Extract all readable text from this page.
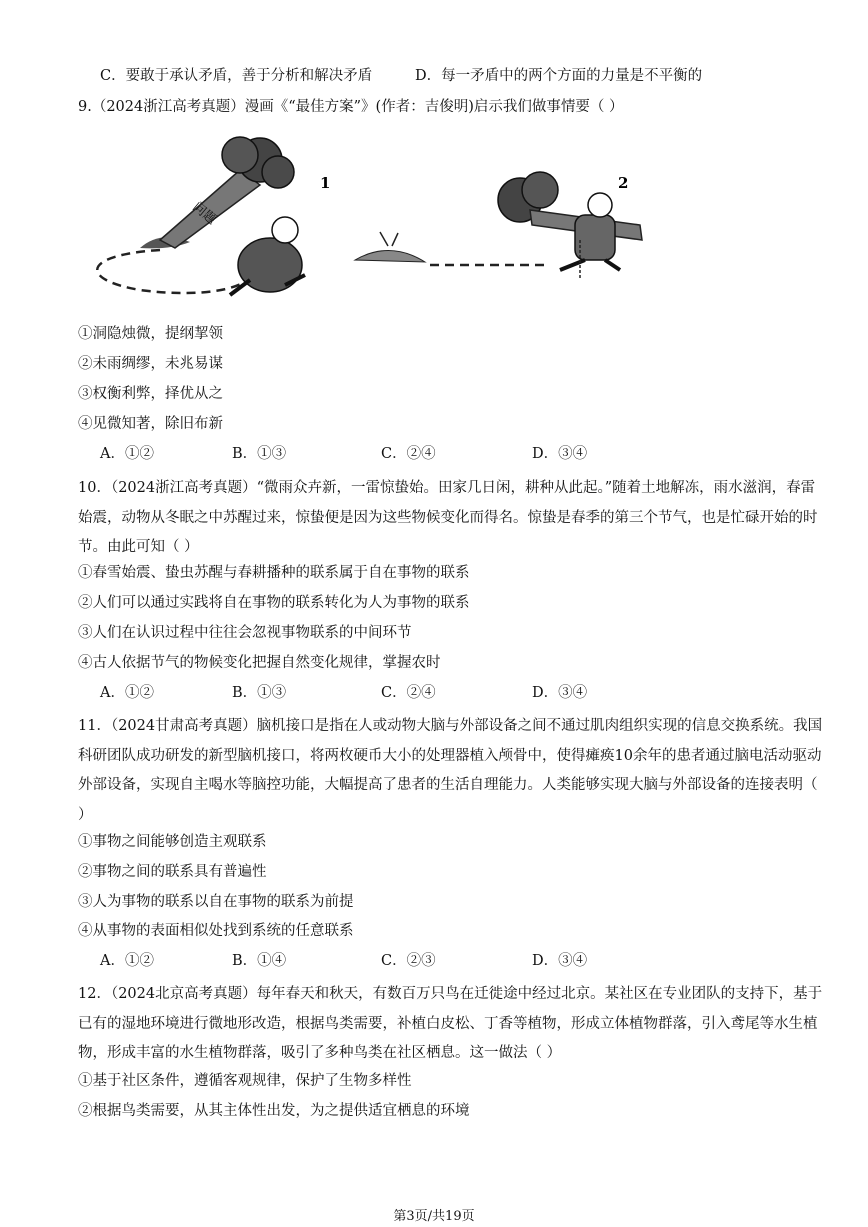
C．要敢于承认矛盾，善于分析和解决矛盾	D．每一矛盾中的两个方面的力量是不平衡的
9.（2024浙江高考真题）漫画《“最佳方案”》(作者：吉俊明)启示我们做事情要（ ）
问题
1	2
①洞隐烛微，提纲挈领
②未雨绸缪，未兆易谋
③权衡利弊，择优从之
④见微知著，除旧布新
A．①②	B．①③	C．②④	D．③④
10．（2024浙江高考真题）“微雨众卉新，一雷惊蛰始。田家几日闲，耕种从此起。”随着土地解冻，雨水滋润，春雷始震，动物从冬眠之中苏醒过来，惊蛰便是因为这些物候变化而得名。惊蛰是春季的第三个节气，也是忙碌开始的时节。由此可知（ ）
①春雪始震、蛰虫苏醒与春耕播种的联系属于自在事物的联系
②人们可以通过实践将自在事物的联系转化为人为事物的联系
③人们在认识过程中往往会忽视事物联系的中间环节
④古人依据节气的物候变化把握自然变化规律，掌握农时
A．①②	B．①③	C．②④	D．③④
11．（2024甘肃高考真题）脑机接口是指在人或动物大脑与外部设备之间不通过肌肉组织实现的信息交换系统。我国科研团队成功研发的新型脑机接口，将两枚硬币大小的处理器植入颅骨中，使得瘫痪10余年的患者通过脑电活动驱动外部设备，实现自主喝水等脑控功能，大幅提高了患者的生活自理能力。人类能够实现大脑与外部设备的连接表明（ ）
①事物之间能够创造主观联系
②事物之间的联系具有普遍性
③人为事物的联系以自在事物的联系为前提
④从事物的表面相似处找到系统的任意联系
A．①②	B．①④	C．②③	D．③④
12．（2024北京高考真题）每年春天和秋天，有数百万只鸟在迁徙途中经过北京。某社区在专业团队的支持下，基于已有的湿地环境进行微地形改造，根据鸟类需要，补植白皮松、丁香等植物，形成立体植物群落，引入鸢尾等水生植物，形成丰富的水生植物群落，吸引了多种鸟类在社区栖息。这一做法（ ）
①基于社区条件，遵循客观规律，保护了生物多样性
②根据鸟类需要，从其主体性出发，为之提供适宜栖息的环境
第3页/共19页
